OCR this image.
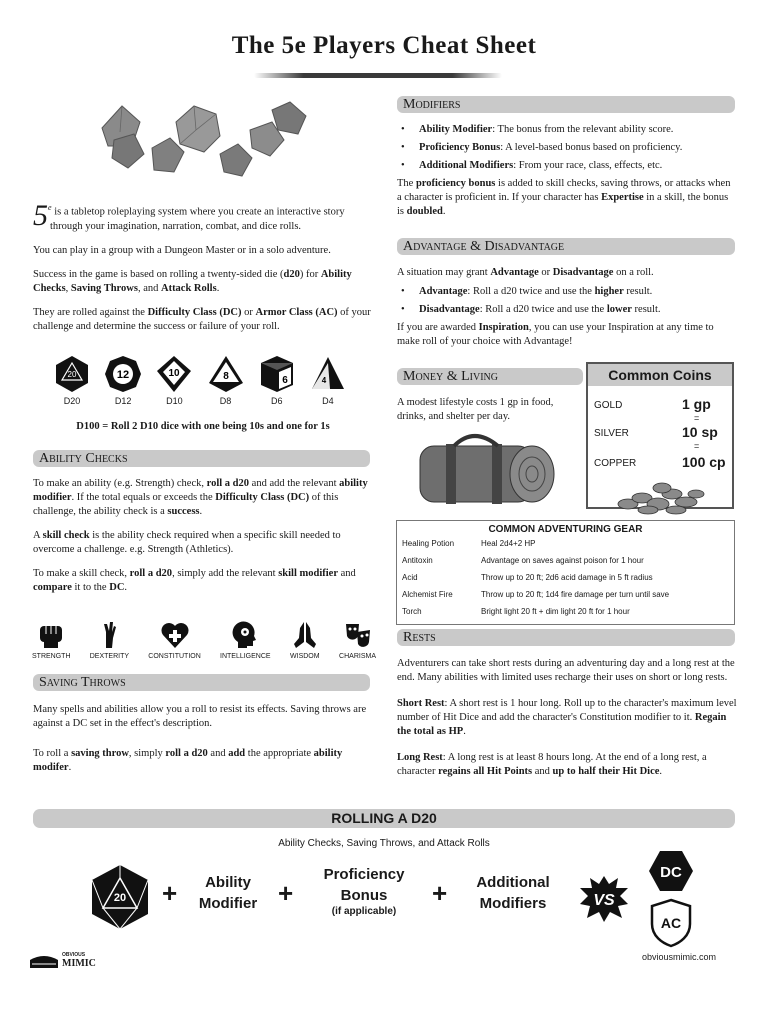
The 5e Players Cheat Sheet

5 $^e$ is a tabletop roleplaying system where you create an interactive story through your imagination, narration, combat, and dice rolls.

You can play in a group with a Dungeon Master or in a solo adventure.

Success in the game is based on rolling a twenty-sided die (d20) for Ability Checks, Saving Throws, and Attack Rolls.

They are rolled against the Difficulty Class (DC) or Armor Class (AC) of your challenge and determine the success or failure of your roll.

20
D20
12
D12
10
D10
8
D8
6
D6
4
D4
D100 = Roll 2 D10 dice with one being 10s and one for 1s
Ability Checks

To make an ability (e.g. Strength) check, roll a d20 and add the relevant ability modifier. If the total equals or exceeds the Difficulty Class (DC) of this challenge, the ability check is a success.

A skill check is the ability check required when a specific skill needed to overcome a challenge. e.g. Strength (Athletics).

To make a skill check, roll a d20, simply add the relevant skill modifier and compare it to the DC.

STRENGTH	DEXTERITY	CONSTITUTION	INTELLIGENCE	WISDOM	CHARISMA
Saving Throws

Many spells and abilities allow you a roll to resist its effects. Saving throws are against a DC set in the effect's description.

To roll a saving throw, simply roll a d20 and add the appropriate ability modifer.

Modifiers
• Ability Modifier: The bonus from the relevant ability score.
• Proficiency Bonus: A level-based bonus based on proficiency.
• Additional Modifiers: From your race, class, effects, etc.

The proficiency bonus is added to skill checks, saving throws, or attacks when a character is proficient in. If your character has Expertise in a skill, the bonus is doubled.

Advantage & Disadvantage

A situation may grant Advantage or Disadvantage on a roll.

• Advantage: Roll a d20 twice and use the higher result.
• Disadvantage: Roll a d20 twice and use the lower result.

If you are awarded Inspiration, you can use your Inspiration at any time to make roll of your choice with Advantage!

Money & Living
A modest lifestyle costs 1 gp in food, drinks, and shelter per day.
Common Coins
GOLD	1 gp
=
SILVER	10 sp
=
COPPER	100 cp
COMMON ADVENTURING GEAR
Healing Potion	Heal 2d4+2 HP
Antitoxin	Advantage on saves against poison for 1 hour
Acid	Throw up to 20 ft; 2d6 acid damage in 5 ft radius
Alchemist Fire	Throw up to 20 ft; 1d4 fire damage per turn until save
Torch	Bright light 20 ft + dim light 20 ft for 1 hour
Rests

Adventurers can take short rests during an adventuring day and a long rest at the end. Many abilities with limited uses recharge their uses on short or long rests.

Short Rest: A short rest is 1 hour long. Roll up to the character's maximum level number of Hit Dice and add the character's Constitution modifier to it. Regain the total as HP.

Long Rest: A long rest is at least 8 hours long. At the end of a long rest, a character regains all Hit Points and up to half their Hit Dice.

ROLLING A D20
Ability Checks, Saving Throws, and Attack Rolls
20 +	Ability Modifier +
Proficiency Bonus
(if applicable)
+	Additional Modifiers	VS
DC
AC
OBVIOUS
MIMIC
obviousmimic.com
